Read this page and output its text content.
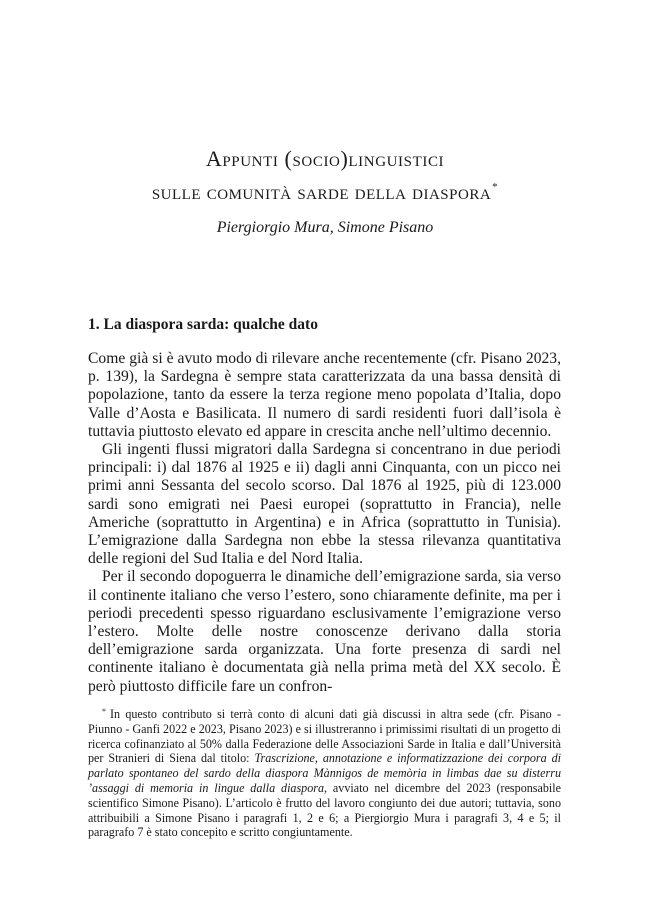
Appunti (socio)linguistici
sulle comunità sarde della diaspora*
Piergiorgio Mura, Simone Pisano
1. La diaspora sarda: qualche dato

Come già si è avuto modo di rilevare anche recentemente (cfr. Pisano 2023, p. 139), la Sardegna è sempre stata caratterizzata da una bassa densità di popolazione, tanto da essere la terza regione meno popolata d’Italia, dopo Valle d’Aosta e Basilicata. Il numero di sardi residenti fuori dall’isola è tuttavia piuttosto elevato ed appare in crescita anche nell’ultimo decennio.

Gli ingenti flussi migratori dalla Sardegna si concentrano in due periodi principali: i) dal 1876 al 1925 e ii) dagli anni Cinquanta, con un picco nei primi anni Sessanta del secolo scorso. Dal 1876 al 1925, più di 123.000 sardi sono emigrati nei Paesi europei (soprattutto in Francia), nelle Americhe (soprattutto in Argentina) e in Africa (soprattutto in Tunisia). L’emigrazione dalla Sardegna non ebbe la stessa rilevanza quantitativa delle regioni del Sud Italia e del Nord Italia.

Per il secondo dopoguerra le dinamiche dell’emigrazione sarda, sia verso il continente italiano che verso l’estero, sono chiaramente definite, ma per i periodi precedenti spesso riguardano esclusivamente l’emigrazione verso l’estero. Molte delle nostre conoscenze derivano dalla storia dell’emigrazione sarda organizzata. Una forte presenza di sardi nel continente italiano è documentata già nella prima metà del XX secolo. È però piuttosto difficile fare un confron-

* In questo contributo si terrà conto di alcuni dati già discussi in altra sede (cfr. Pisano - Piunno - Ganfi 2022 e 2023, Pisano 2023) e si illustreranno i primissimi risultati di un progetto di ricerca cofinanziato al 50% dalla Federazione delle Associazioni Sarde in Italia e dall’Università per Stranieri di Siena dal titolo: Trascrizione, annotazione e informatizzazione dei corpora di parlato spontaneo del sardo della diaspora Mànnigos de memòria in limbas dae su disterru ’assaggi di memoria in lingue dalla diaspora, avviato nel dicembre del 2023 (responsabile scientifico Simone Pisano). L’articolo è frutto del lavoro congiunto dei due autori; tuttavia, sono attribuibili a Simone Pisano i paragrafi 1, 2 e 6; a Piergiorgio Mura i paragrafi 3, 4 e 5; il paragrafo 7 è stato concepito e scritto congiuntamente.
